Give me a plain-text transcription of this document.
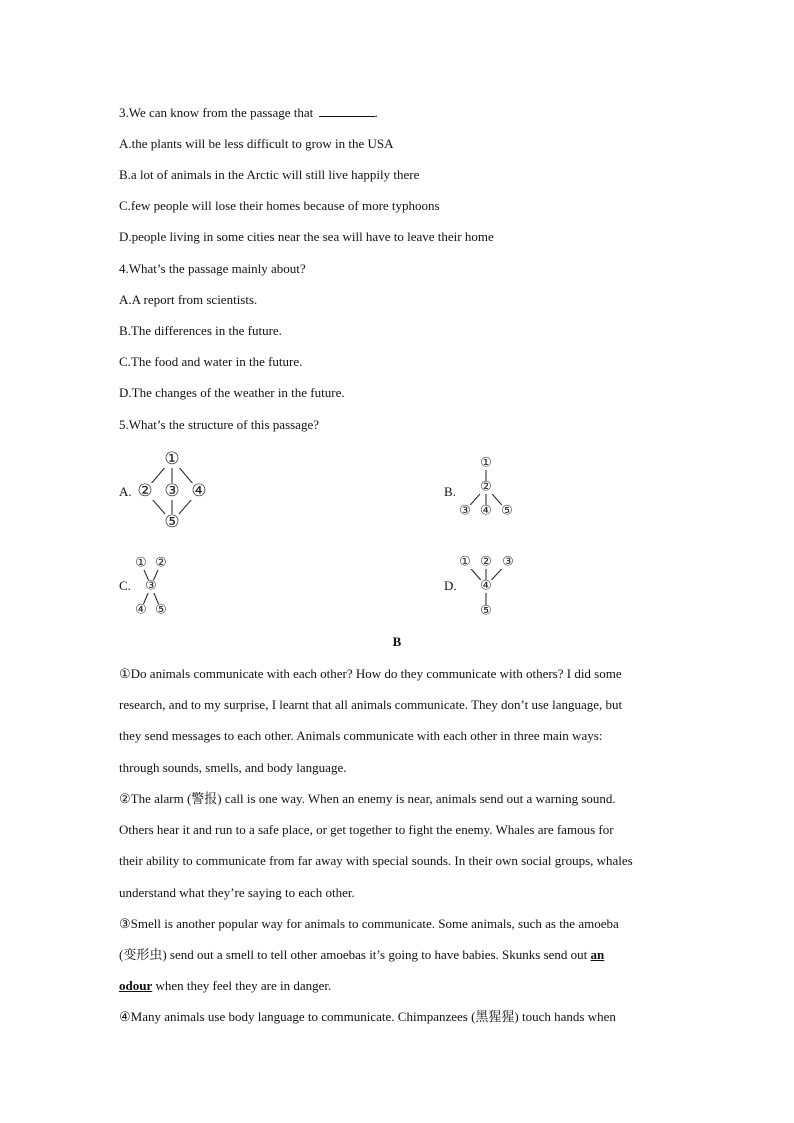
3.We can know from the passage that	.
A.the plants will be less difficult to grow in the USA
B.a lot of animals in the Arctic will still live happily there
C.few people will lose their homes because of more typhoons
D.people living in some cities near the sea will have to leave their home
4.What’s the passage mainly about?
A.A report from scientists.
B.The differences in the future.
C.The food and water in the future.
D.The changes of the weather in the future.
5.What’s the structure of this passage?
A.
①
② ③ ④
⑤
B.
①
②
③ ④ ⑤
C.
① ②
③
④ ⑤
D.
① ② ③
④
⑤
B
①Do animals communicate with each other? How do they communicate with others? I did some
research, and to my surprise, I learnt that all animals communicate. They don’t use language, but
they send messages to each other. Animals communicate with each other in three main ways:
through sounds, smells, and body language.
②The alarm (警报) call is one way. When an enemy is near, animals send out a warning sound.
Others hear it and run to a safe place, or get together to fight the enemy. Whales are famous for
their ability to communicate from far away with special sounds. In their own social groups, whales
understand what they’re saying to each other.
③Smell is another popular way for animals to communicate. Some animals, such as the amoeba
(变形虫) send out a smell to tell other amoebas it’s going to have babies. Skunks send out an
odour when they feel they are in danger.
④Many animals use body language to communicate. Chimpanzees (黑猩猩) touch hands when
